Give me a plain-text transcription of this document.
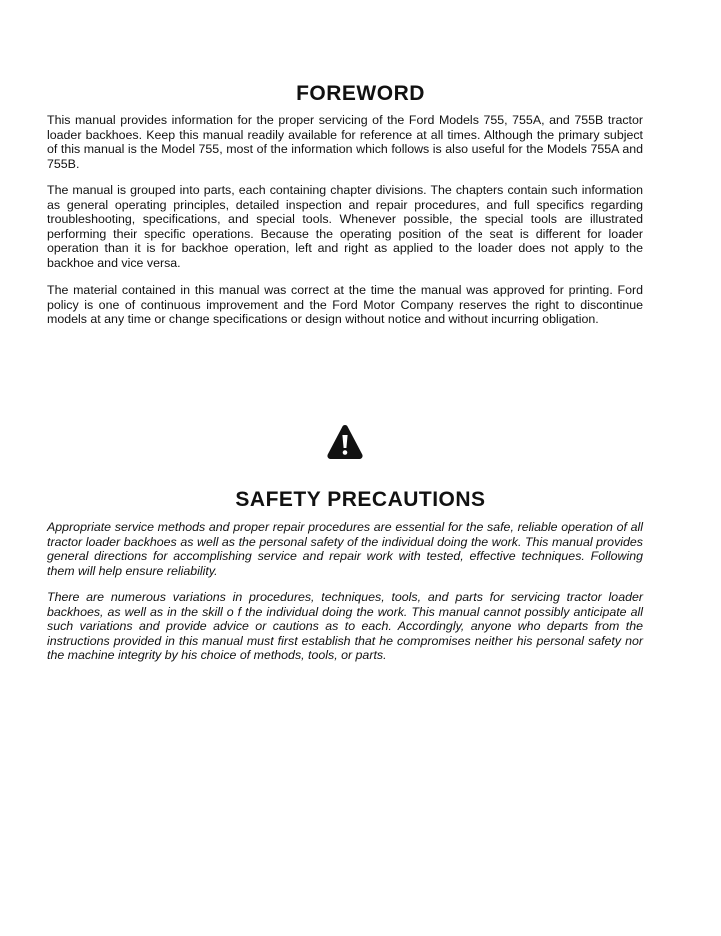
FOREWORD

This manual provides information for the proper servicing of the Ford Models 755, 755A, and 755B tractor loader backhoes. Keep this manual readily available for reference at all times. Although the primary subject of this manual is the Model 755, most of the information which follows is also useful for the Models 755A and 755B.

The manual is grouped into parts, each containing chapter divisions. The chapters contain such information as general operating principles, detailed inspection and repair procedures, and full specifics regarding troubleshooting, specifications, and special tools. Whenever possible, the special tools are illustrated performing their specific operations. Because the operating position of the seat is different for loader operation than it is for backhoe operation, left and right as applied to the loader does not apply to the backhoe and vice versa.

The material contained in this manual was correct at the time the manual was approved for printing. Ford policy is one of continuous improvement and the Ford Motor Company reserves the right to discontinue models at any time or change specifications or design without notice and without incurring obligation.

SAFETY PRECAUTIONS

Appropriate service methods and proper repair procedures are essential for the safe, reliable operation of all tractor loader backhoes as well as the personal safety of the individual doing the work. This manual provides general directions for accomplishing service and repair work with tested, effective techniques. Following them will help ensure reliability.

There are numerous variations in procedures, techniques, tools, and parts for servicing tractor loader backhoes, as well as in the skill o f the individual doing the work. This manual cannot possibly anticipate all such variations and provide advice or cautions as to each. Accordingly, anyone who departs from the instructions provided in this manual must first establish that he compromises neither his personal safety nor the machine integrity by his choice of methods, tools, or parts.
